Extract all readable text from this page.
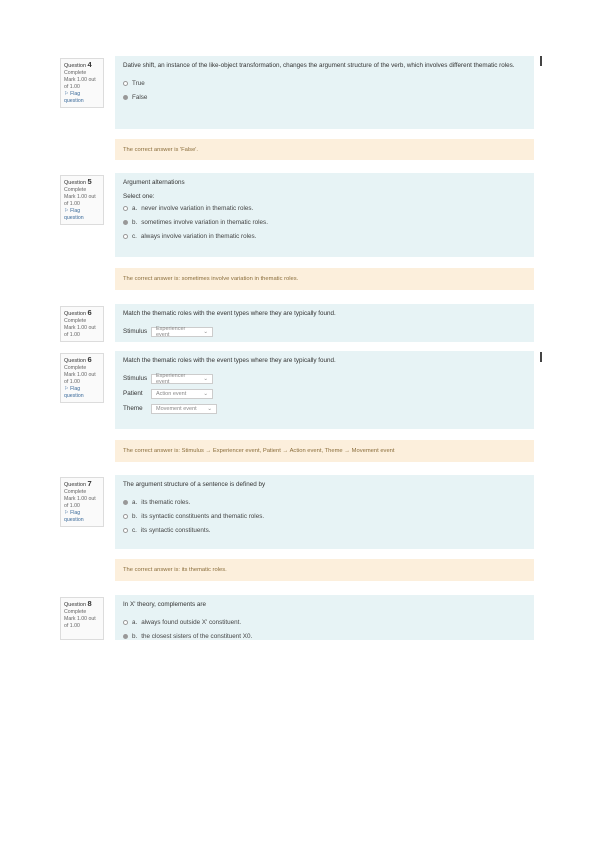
Question 4
Complete
Mark 1.00 out of 1.00
⚐ Flag question
Dative shift, an instance of the like-object transformation, changes the argument structure of the verb, which involves different thematic roles.
True
False
The correct answer is 'False'.
Question 5
Complete
Mark 1.00 out of 1.00
⚐ Flag question
Argument alternations
Select one:
a. never involve variation in thematic roles.
b. sometimes involve variation in thematic roles.
c. always involve variation in thematic roles.
The correct answer is: sometimes involve variation in thematic roles.
Question 6
Complete
Mark 1.00 out of 1.00
Match the thematic roles with the event types where they are typically found.
Stimulus	Experiencer event	⌄
Question 6
Complete
Mark 1.00 out of 1.00
⚐ Flag question
Match the thematic roles with the event types where they are typically found.
Stimulus	Experiencer event	⌄
Patient	Action event	⌄
Theme	Movement event ⌄
The correct answer is: Stimulus → Experiencer event, Patient → Action event, Theme → Movement event
Question 7
Complete
Mark 1.00 out of 1.00
⚐ Flag question
The argument structure of a sentence is defined by
a. its thematic roles.
b. its syntactic constituents and thematic roles.
c. its syntactic constituents.
The correct answer is: its thematic roles.
Question 8
Complete
Mark 1.00 out of 1.00
In X' theory, complements are
a. always found outside X' constituent.
b. the closest sisters of the constituent X0.
